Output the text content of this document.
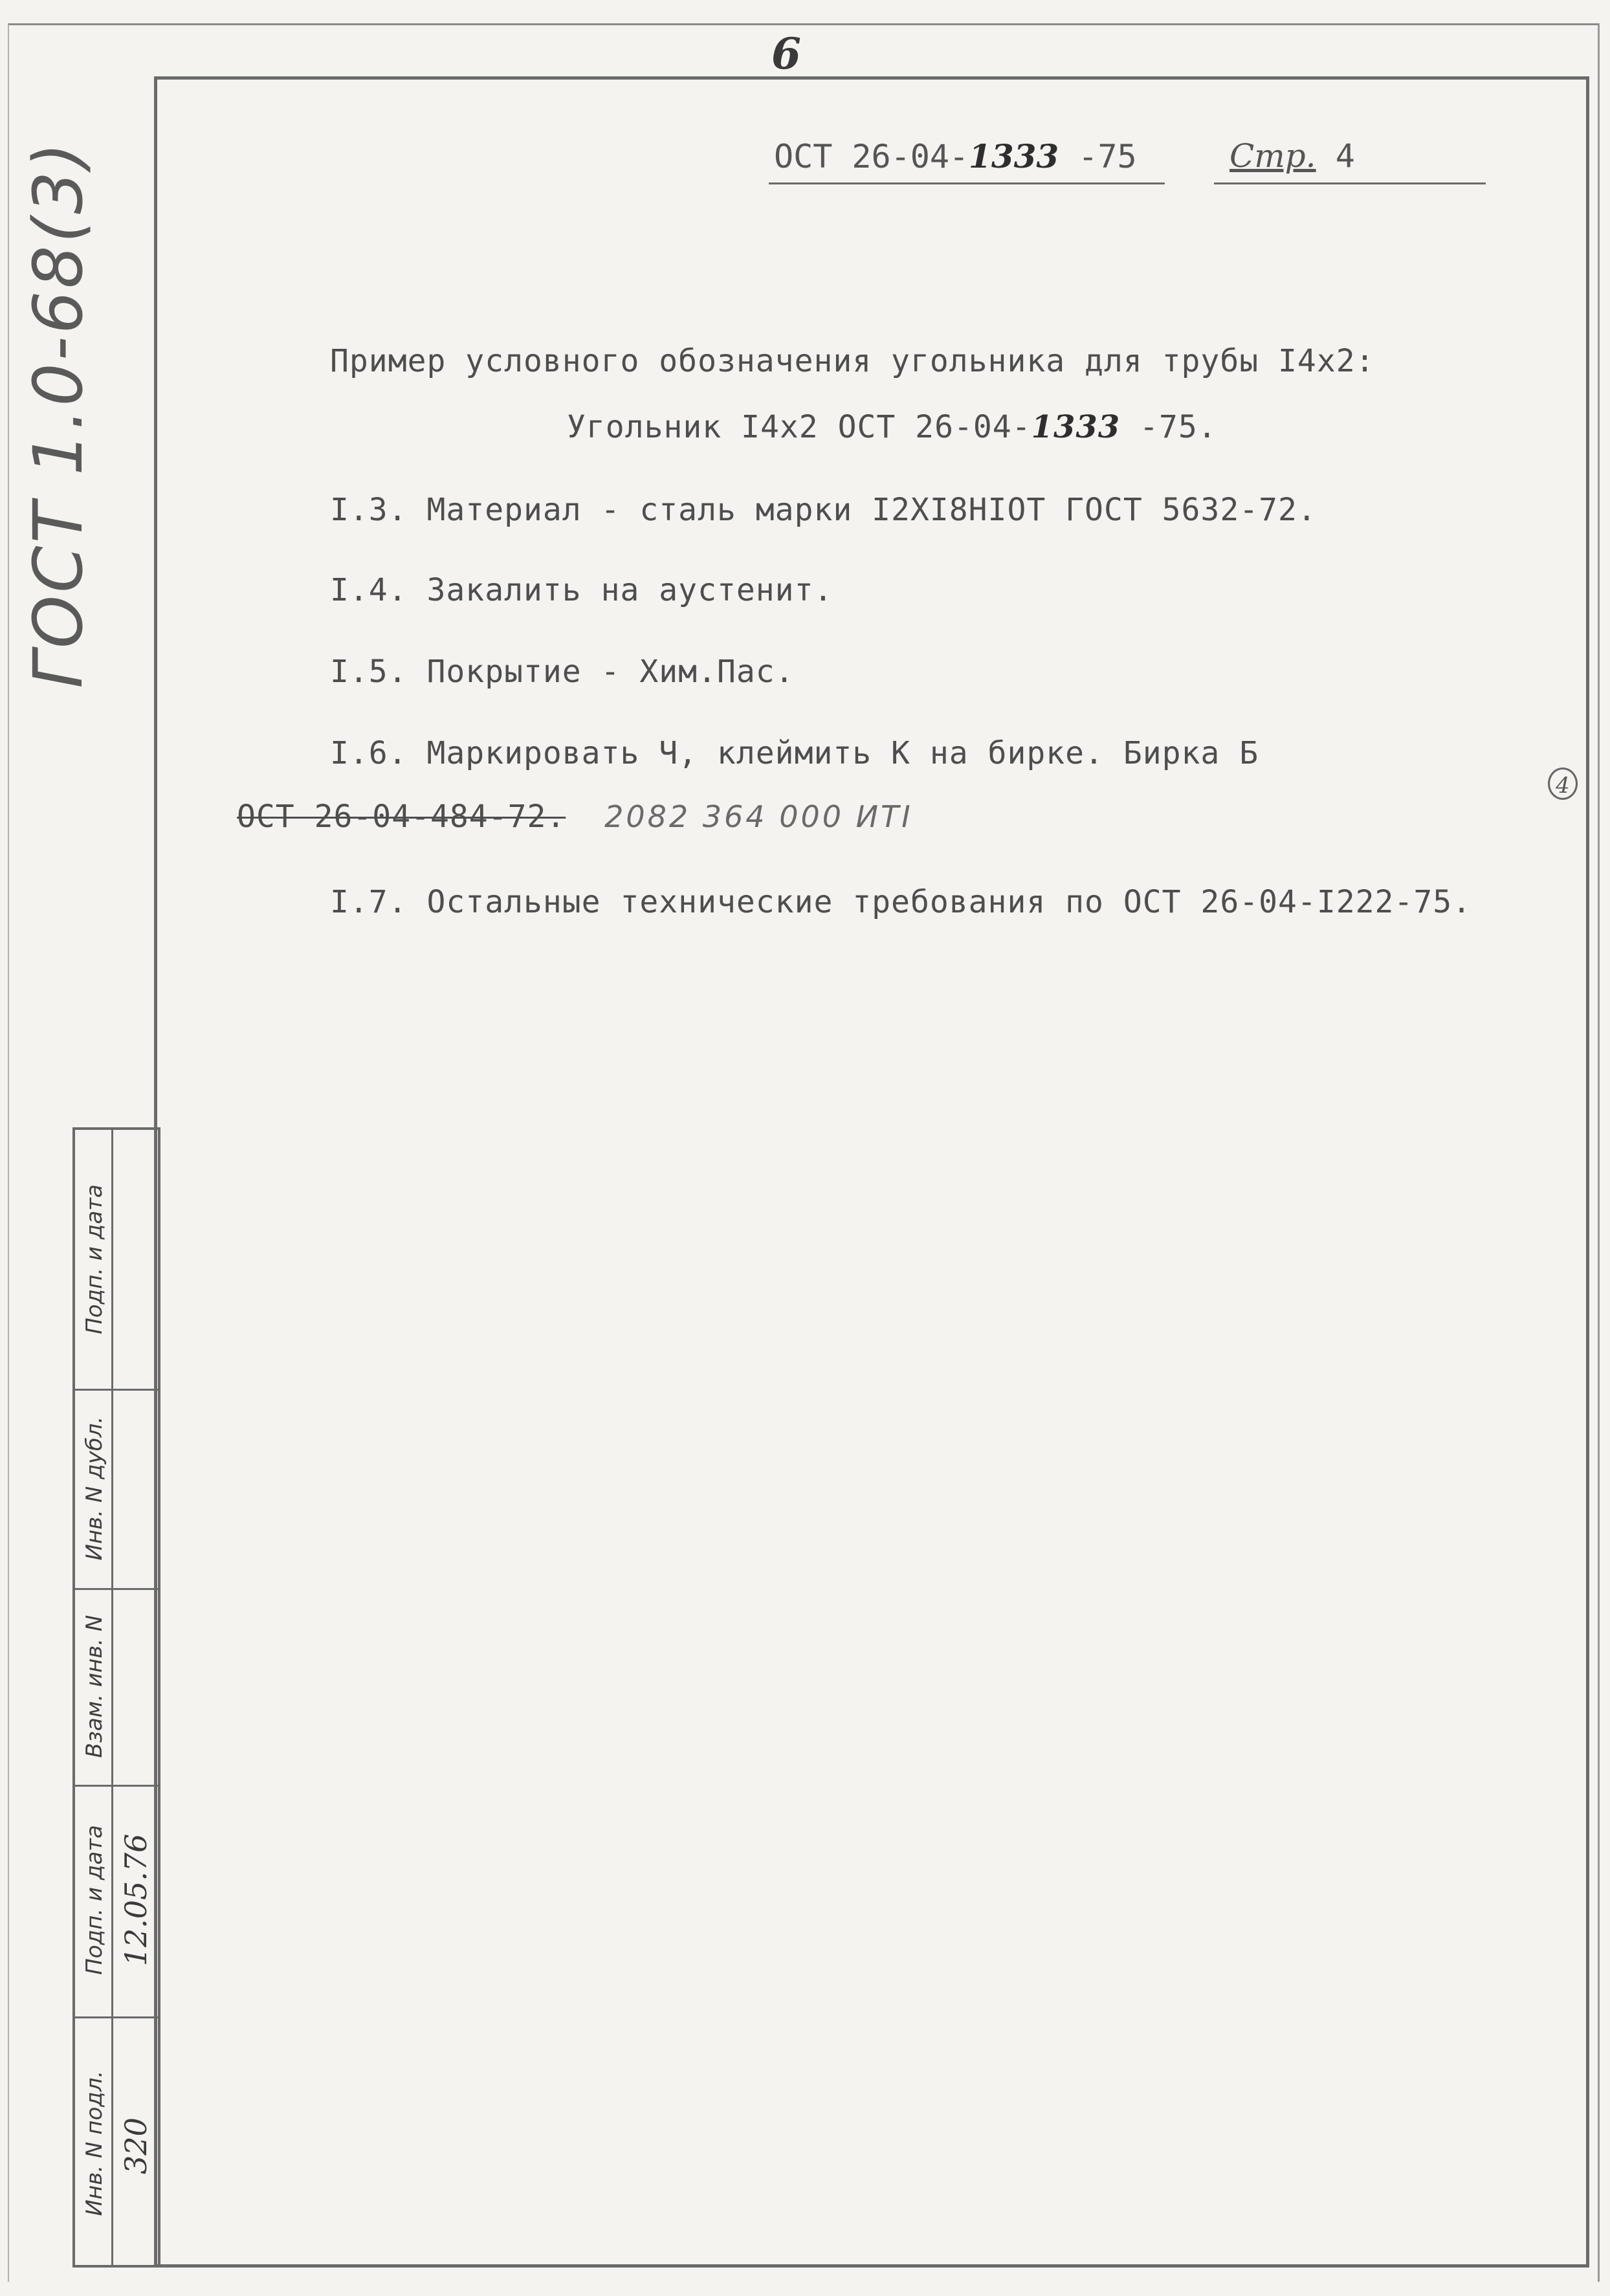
6
ГОСТ 1.0-68(3)	ОСТ 26-04-1333 -75	Стр. 4
Пример условного обозначения угольника для трубы I4х2:
Угольник I4х2 ОСТ 26-04-1333 -75.
I.3. Материал - сталь марки I2XI8HIOT ГОСТ 5632-72.
I.4. Закалить на аустенит.
I.5. Покрытие - Хим.Пас.
I.6. Маркировать Ч, клеймить К на бирке. Бирка Б
ОСТ 26-04-484-72. 2082 364 000 ИТI
I.7. Остальные технические требования по ОСТ 26-04-I222-75.
4
Подп. и дата
Инв. N дубл.
Взам. инв. N
Подп. и дата
Инв. N подл.
12.05.76
320
